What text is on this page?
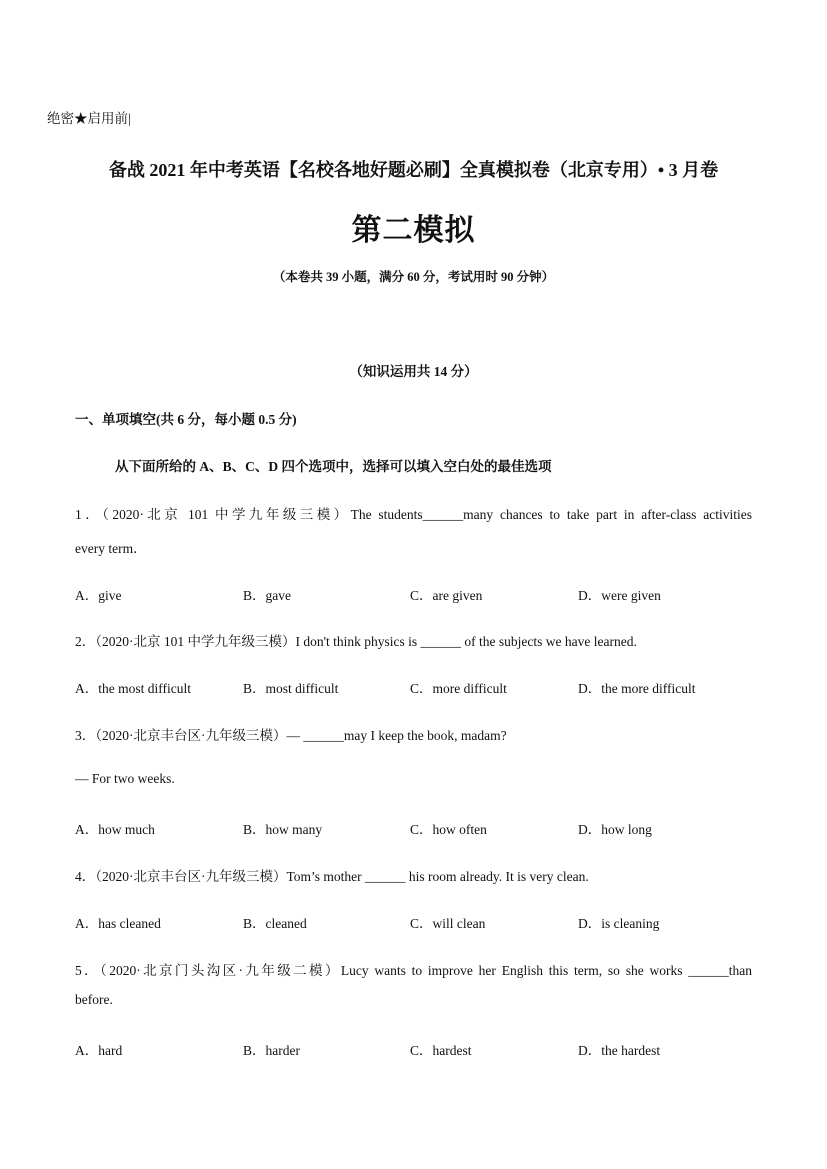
绝密★启用前|
备战 2021 年中考英语【名校各地好题必刷】全真模拟卷（北京专用）• 3 月卷
第二模拟
（本卷共 39 小题，满分 60 分，考试用时 90 分钟）
（知识运用共 14 分）
一、单项填空(共 6 分，每小题 0.5 分)
从下面所给的 A、B、C、D 四个选项中，选择可以填入空白处的最佳选项
1．（2020·北京 101 中学九年级三模）The students______many chances to take part in after-class activities
every term．
A．give	B．gave	C．are given	D．were given
2．（2020·北京 101 中学九年级三模）I don't think physics is ______ of the subjects we have learned.
A．the most difficult	B．most difficult	C．more difficult	D．the more difficult
3．（2020·北京丰台区·九年级三模）— ______may I keep the book, madam?
— For two weeks.
A．how much	B．how many	C．how often	D．how long
4．（2020·北京丰台区·九年级三模）Tom’s mother ______ his room already. It is very clean.
A．has cleaned	B．cleaned	C．will clean	D．is cleaning
5．（2020·北京门头沟区·九年级二模）Lucy wants to improve her English this term, so she works ______than
before.
A．hard	B．harder	C．hardest	D．the hardest
